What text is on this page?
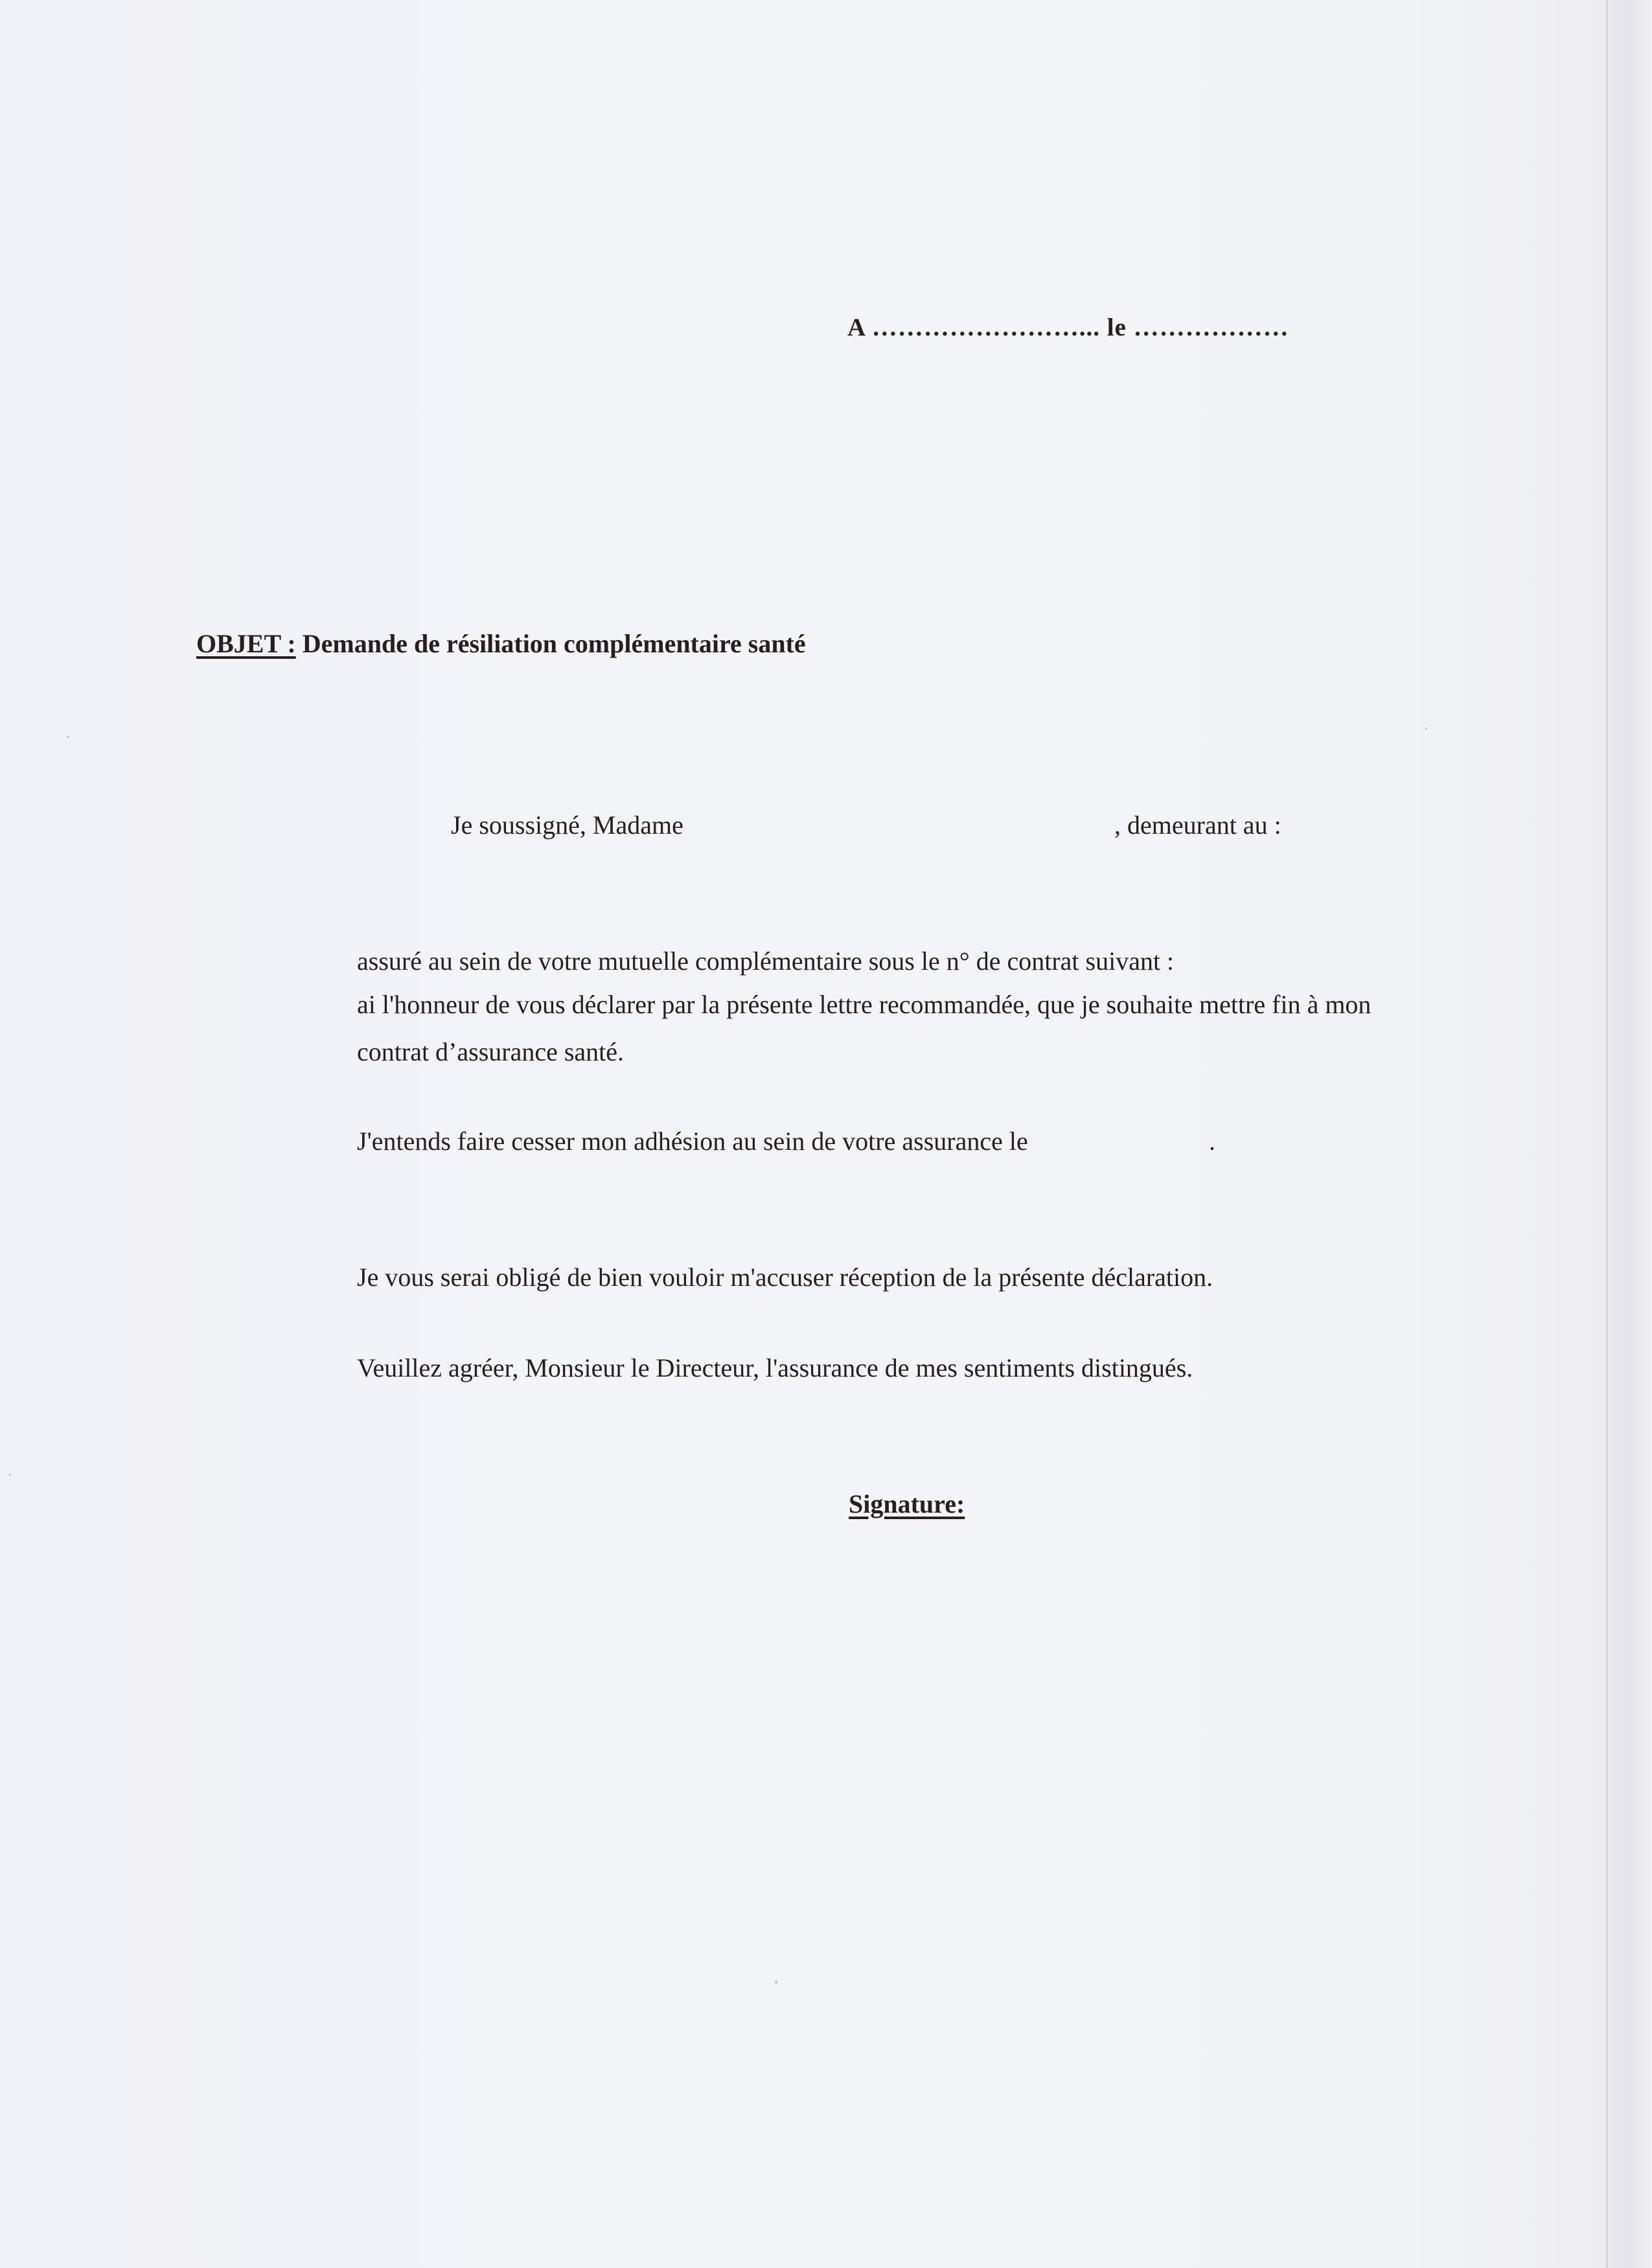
A ……………………... le ………………
OBJET : Demande de résiliation complémentaire santé
Je soussigné, Madame	, demeurant au :
assuré au sein de votre mutuelle complémentaire sous le n° de contrat suivant :
ai l'honneur de vous déclarer par la présente lettre recommandée, que je souhaite mettre fin à mon
contrat d’assurance santé.
J'entends faire cesser mon adhésion au sein de votre assurance le	.
Je vous serai obligé de bien vouloir m'accuser réception de la présente déclaration.
Veuillez agréer, Monsieur le Directeur, l'assurance de mes sentiments distingués.
Signature:
